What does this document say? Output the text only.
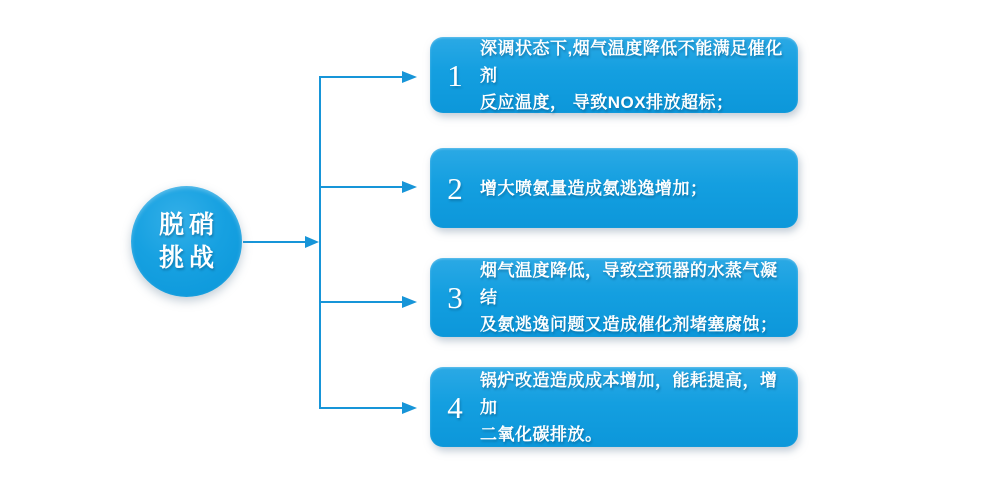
脱硝
挑战
1
深调状态下,烟气温度降低不能满足催化剂
反应温度， 导致NOX排放超标；
2	增大喷氨量造成氨逃逸增加；
3
烟气温度降低，导致空预器的水蒸气凝结
及氨逃逸问题又造成催化剂堵塞腐蚀；
4
锅炉改造造成成本增加，能耗提高，增加
二氧化碳排放。
